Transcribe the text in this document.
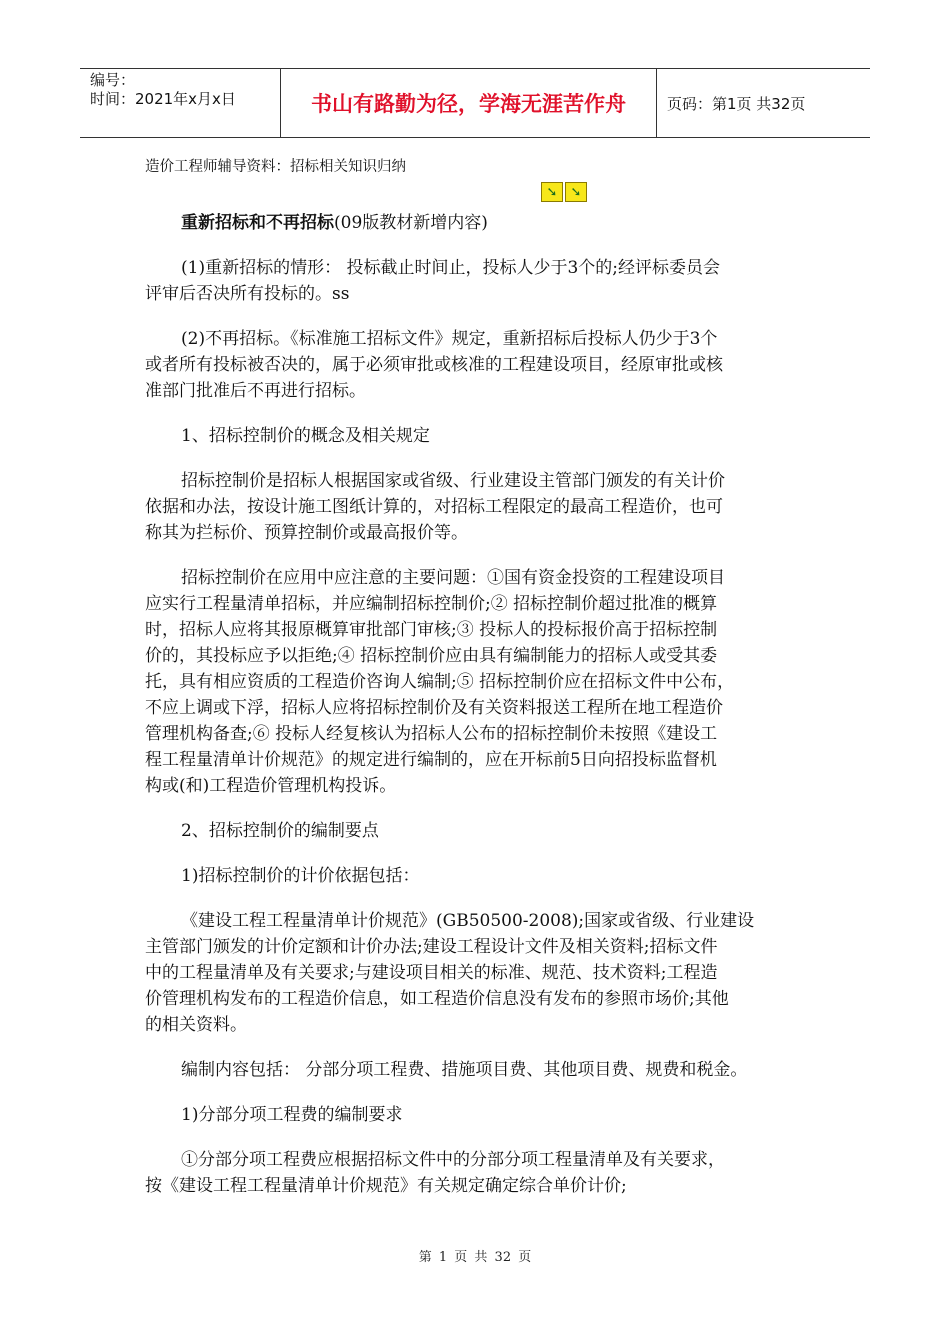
编号：
时间：2021年x月x日	书山有路勤为径，学海无涯苦作舟	页码：第1页 共32页
➘	➘
造价工程师辅导资料：招标相关知识归纳

重新招标和不再招标(09版教材新增内容)

(1)重新招标的情形： 投标截止时间止，投标人少于3个的;经评标委员会

评审后否决所有投标的。ss

(2)不再招标。《标准施工招标文件》规定，重新招标后投标人仍少于3个

或者所有投标被否决的，属于必须审批或核准的工程建设项目，经原审批或核

准部门批准后不再进行招标。

1、招标控制价的概念及相关规定

招标控制价是招标人根据国家或省级、行业建设主管部门颁发的有关计价

依据和办法，按设计施工图纸计算的，对招标工程限定的最高工程造价，也可

称其为拦标价、预算控制价或最高报价等。

招标控制价在应用中应注意的主要问题：①国有资金投资的工程建设项目

应实行工程量清单招标，并应编制招标控制价;② 招标控制价超过批准的概算

时，招标人应将其报原概算审批部门审核;③ 投标人的投标报价高于招标控制

价的，其投标应予以拒绝;④ 招标控制价应由具有编制能力的招标人或受其委

托，具有相应资质的工程造价咨询人编制;⑤ 招标控制价应在招标文件中公布，

不应上调或下浮，招标人应将招标控制价及有关资料报送工程所在地工程造价

管理机构备查;⑥ 投标人经复核认为招标人公布的招标控制价未按照《建设工

程工程量清单计价规范》的规定进行编制的，应在开标前5日向招投标监督机

构或(和)工程造价管理机构投诉。

2、招标控制价的编制要点

1)招标控制价的计价依据包括：

《建设工程工程量清单计价规范》(GB50500-2008);国家或省级、行业建设

主管部门颁发的计价定额和计价办法;建设工程设计文件及相关资料;招标文件

中的工程量清单及有关要求;与建设项目相关的标准、规范、技术资料;工程造

价管理机构发布的工程造价信息，如工程造价信息没有发布的参照市场价;其他

的相关资料。

编制内容包括： 分部分项工程费、措施项目费、其他项目费、规费和税金。

1)分部分项工程费的编制要求

①分部分项工程费应根据招标文件中的分部分项工程量清单及有关要求，

按《建设工程工程量清单计价规范》有关规定确定综合单价计价;

第 1 页 共 32 页
